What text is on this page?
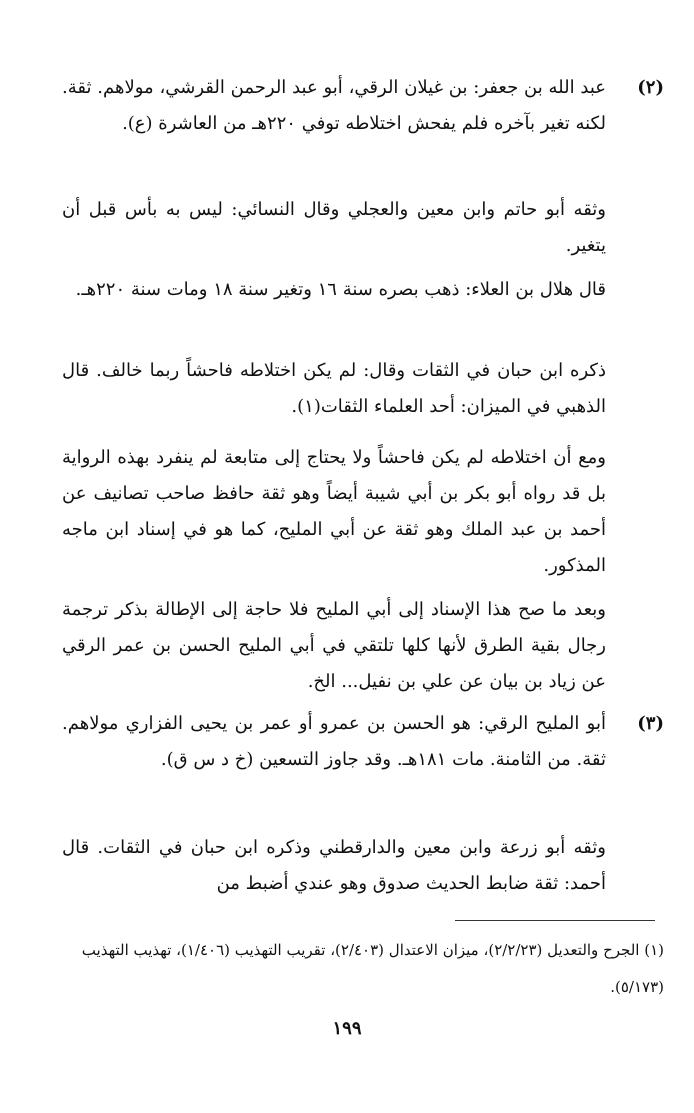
(٢)
عبد الله بن جعفر: بن غيلان الرقي، أبو عبد الرحمن القرشي، مولاهم. ثقة. لكنه تغير بآخره فلم يفحش اختلاطه توفي ٢٢٠هـ من العاشرة (ع).

وثقه أبو حاتم وابن معين والعجلي وقال النسائي: ليس به بأس قبل أن يتغير.

قال هلال بن العلاء: ذهب بصره سنة ١٦ وتغير سنة ١٨ ومات سنة ٢٢٠هـ.

ذكره ابن حبان في الثقات وقال: لم يكن اختلاطه فاحشاً ربما خالف. قال الذهبي في الميزان: أحد العلماء الثقات(١).

ومع أن اختلاطه لم يكن فاحشاً ولا يحتاج إلى متابعة لم ينفرد بهذه الرواية بل قد رواه أبو بكر بن أبي شيبة أيضاً وهو ثقة حافظ صاحب تصانيف عن أحمد بن عبد الملك وهو ثقة عن أبي المليح، كما هو في إسناد ابن ماجه المذكور.

وبعد ما صح هذا الإسناد إلى أبي المليح فلا حاجة إلى الإطالة بذكر ترجمة رجال بقية الطرق لأنها كلها تلتقي في أبي المليح الحسن بن عمر الرقي عن زياد بن بيان عن علي بن نفيل... الخ.

(٣)
أبو المليح الرقي: هو الحسن بن عمرو أو عمر بن يحيى الفزاري مولاهم. ثقة. من الثامنة. مات ١٨١هـ. وقد جاوز التسعين (خ د س ق).

وثقه أبو زرعة وابن معين والدارقطني وذكره ابن حبان في الثقات. قال أحمد: ثقة ضابط الحديث صدوق وهو عندي أضبط من

(١) الجرح والتعديل (٢/٢/٢٣)، ميزان الاعتدال (٢/٤٠٣)، تقريب التهذيب (١/٤٠٦)، تهذيب التهذيب (٥/١٧٣).
١٩٩
